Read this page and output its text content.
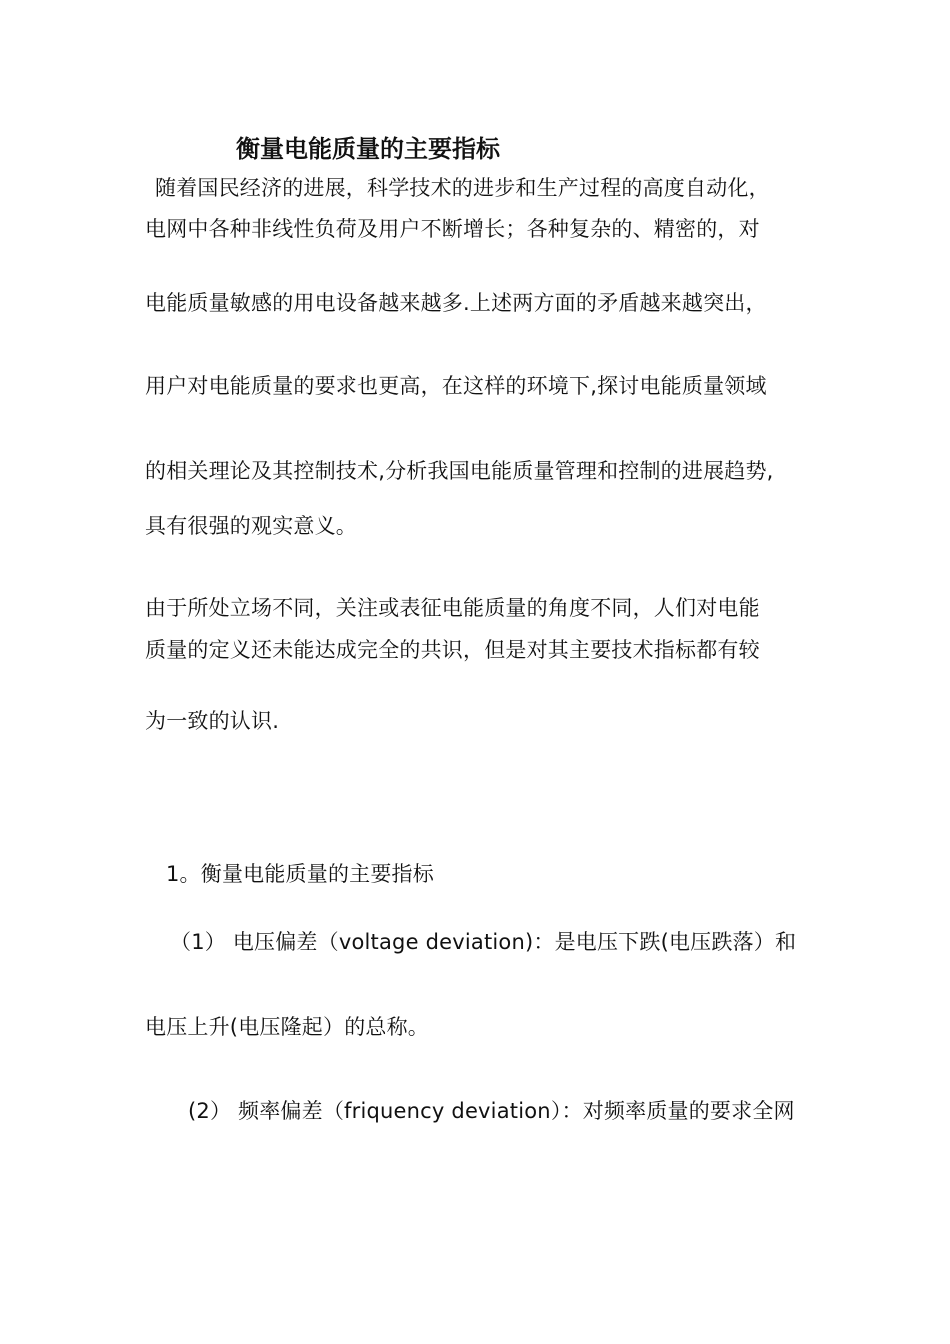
衡量电能质量的主要指标
随着国民经济的进展，科学技术的进步和生产过程的高度自动化，
电网中各种非线性负荷及用户不断增长；各种复杂的、精密的，对
电能质量敏感的用电设备越来越多.上述两方面的矛盾越来越突出，
用户对电能质量的要求也更高，在这样的环境下,探讨电能质量领域
的相关理论及其控制技术,分析我国电能质量管理和控制的进展趋势,
具有很强的观实意义。
由于所处立场不同，关注或表征电能质量的角度不同，人们对电能
质量的定义还未能达成完全的共识，但是对其主要技术指标都有较
为一致的认识.
1。衡量电能质量的主要指标
（1） 电压偏差（voltage deviation)：是电压下跌(电压跌落）和
电压上升(电压隆起）的总称。
(2） 频率偏差（friquency deviation）：对频率质量的要求全网
